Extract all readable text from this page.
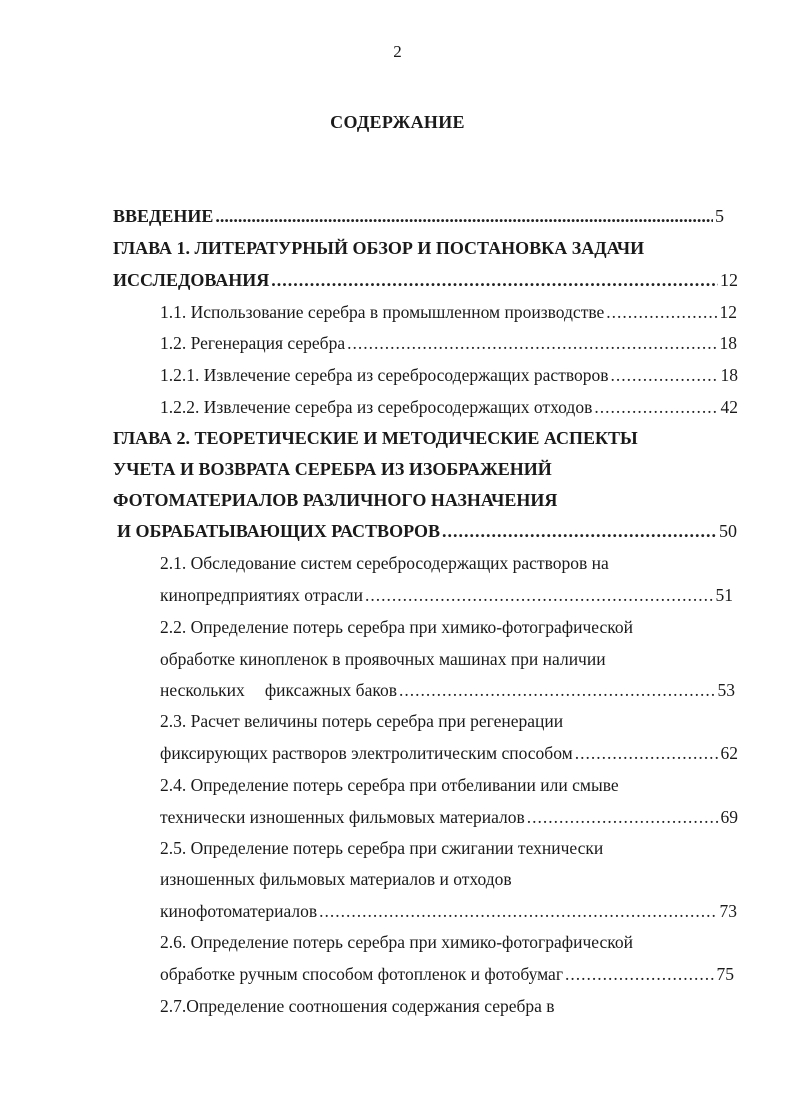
2
СОДЕРЖАНИЕ
ВВЕДЕНИЕ .....	5
ГЛАВА 1. ЛИТЕРАТУРНЫЙ ОБЗОР И ПОСТАНОВКА ЗАДАЧИ
ИССЛЕДОВАНИЯ .....	12
1.1. Использование серебра в промышленном производстве .....	12
1.2. Регенерация серебра .....	18
1.2.1. Извлечение серебра из серебросодержащих растворов .....	18
1.2.2. Извлечение серебра из серебросодержащих отходов .....	42
ГЛАВА 2. ТЕОРЕТИЧЕСКИЕ И МЕТОДИЧЕСКИЕ АСПЕКТЫ
УЧЕТА И ВОЗВРАТА СЕРЕБРА ИЗ ИЗОБРАЖЕНИЙ
ФОТОМАТЕРИАЛОВ РАЗЛИЧНОГО НАЗНАЧЕНИЯ
И ОБРАБАТЫВАЮЩИХ РАСТВОРОВ .....	50
2.1. Обследование систем серебросодержащих растворов на
кинопредприятиях отрасли .....	51
2.2. Определение потерь серебра при химико-фотографической
обработке кинопленок в проявочных машинах при наличии
нескольких фиксажных баков .....	53
2.3. Расчет величины потерь серебра при регенерации
фиксирующих растворов электролитическим способом .....	62
2.4. Определение потерь серебра при отбеливании или смыве
технически изношенных фильмовых материалов .....	69
2.5. Определение потерь серебра при сжигании технически
изношенных фильмовых материалов и отходов
кинофотоматериалов .....	73
2.6. Определение потерь серебра при химико-фотографической
обработке ручным способом фотопленок и фотобумаг .....	75
2.7.Определение соотношения содержания серебра в
